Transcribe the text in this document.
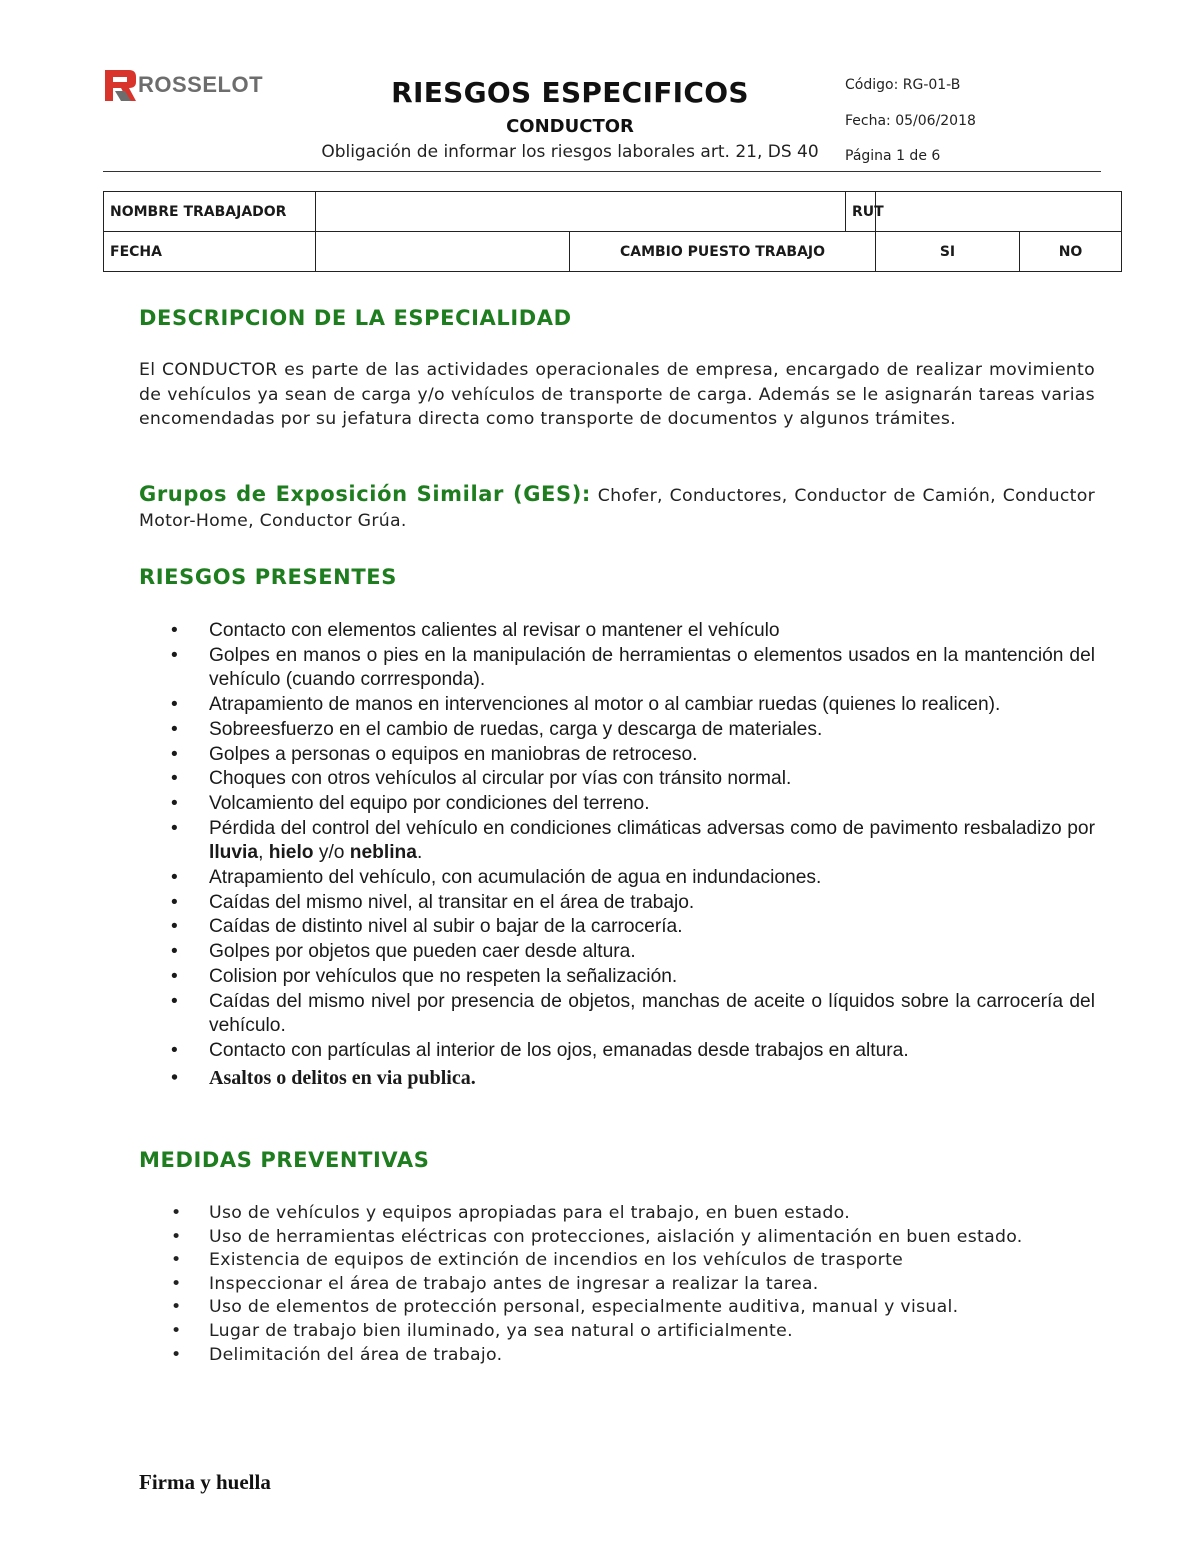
ROSSELOT	RIESGOS ESPECIFICOS
CONDUCTOR
Obligación de informar los riesgos laborales art. 21, DS 40
Código: RG-01-B
Fecha: 05/06/2018
Página 1 de 6
NOMBRE TRABAJADOR			RUT		
FECHA		CAMBIO PUESTO TRABAJO		SI	NO
DESCRIPCION DE LA ESPECIALIDAD
El CONDUCTOR es parte de las actividades operacionales de empresa, encargado de realizar movimiento de vehículos ya sean de carga y/o vehículos de transporte de carga. Además se le asignarán tareas varias encomendadas por su jefatura directa como transporte de documentos y algunos trámites.
Grupos de Exposición Similar (GES): Chofer, Conductores, Conductor de Camión, Conductor Motor-Home, Conductor Grúa.
RIESGOS PRESENTES
• Contacto con elementos calientes al revisar o mantener el vehículo
• Golpes en manos o pies en la manipulación de herramientas o elementos usados en la mantención del vehículo (cuando corrresponda).
• Atrapamiento de manos en intervenciones al motor o al cambiar ruedas (quienes lo realicen).
• Sobreesfuerzo en el cambio de ruedas, carga y descarga de materiales.
• Golpes a personas o equipos en maniobras de retroceso.
• Choques con otros vehículos al circular por vías con tránsito normal.
• Volcamiento del equipo por condiciones del terreno.
• Pérdida del control del vehículo en condiciones climáticas adversas como de pavimento resbaladizo por lluvia, hielo y/o neblina.
• Atrapamiento del vehículo, con acumulación de agua en indundaciones.
• Caídas del mismo nivel, al transitar en el área de trabajo.
• Caídas de distinto nivel al subir o bajar de la carrocería.
• Golpes por objetos que pueden caer desde altura.
• Colision por vehículos que no respeten la señalización.
• Caídas del mismo nivel por presencia de objetos, manchas de aceite o líquidos sobre la carrocería del vehículo.
• Contacto con partículas al interior de los ojos, emanadas desde trabajos en altura.
• Asaltos o delitos en via publica.
MEDIDAS PREVENTIVAS
• Uso de vehículos y equipos apropiadas para el trabajo, en buen estado.
• Uso de herramientas eléctricas con protecciones, aislación y alimentación en buen estado.
• Existencia de equipos de extinción de incendios en los vehículos de trasporte
• Inspeccionar el área de trabajo antes de ingresar a realizar la tarea.
• Uso de elementos de protección personal, especialmente auditiva, manual y visual.
• Lugar de trabajo bien iluminado, ya sea natural o artificialmente.
• Delimitación del área de trabajo.
Firma y huella
